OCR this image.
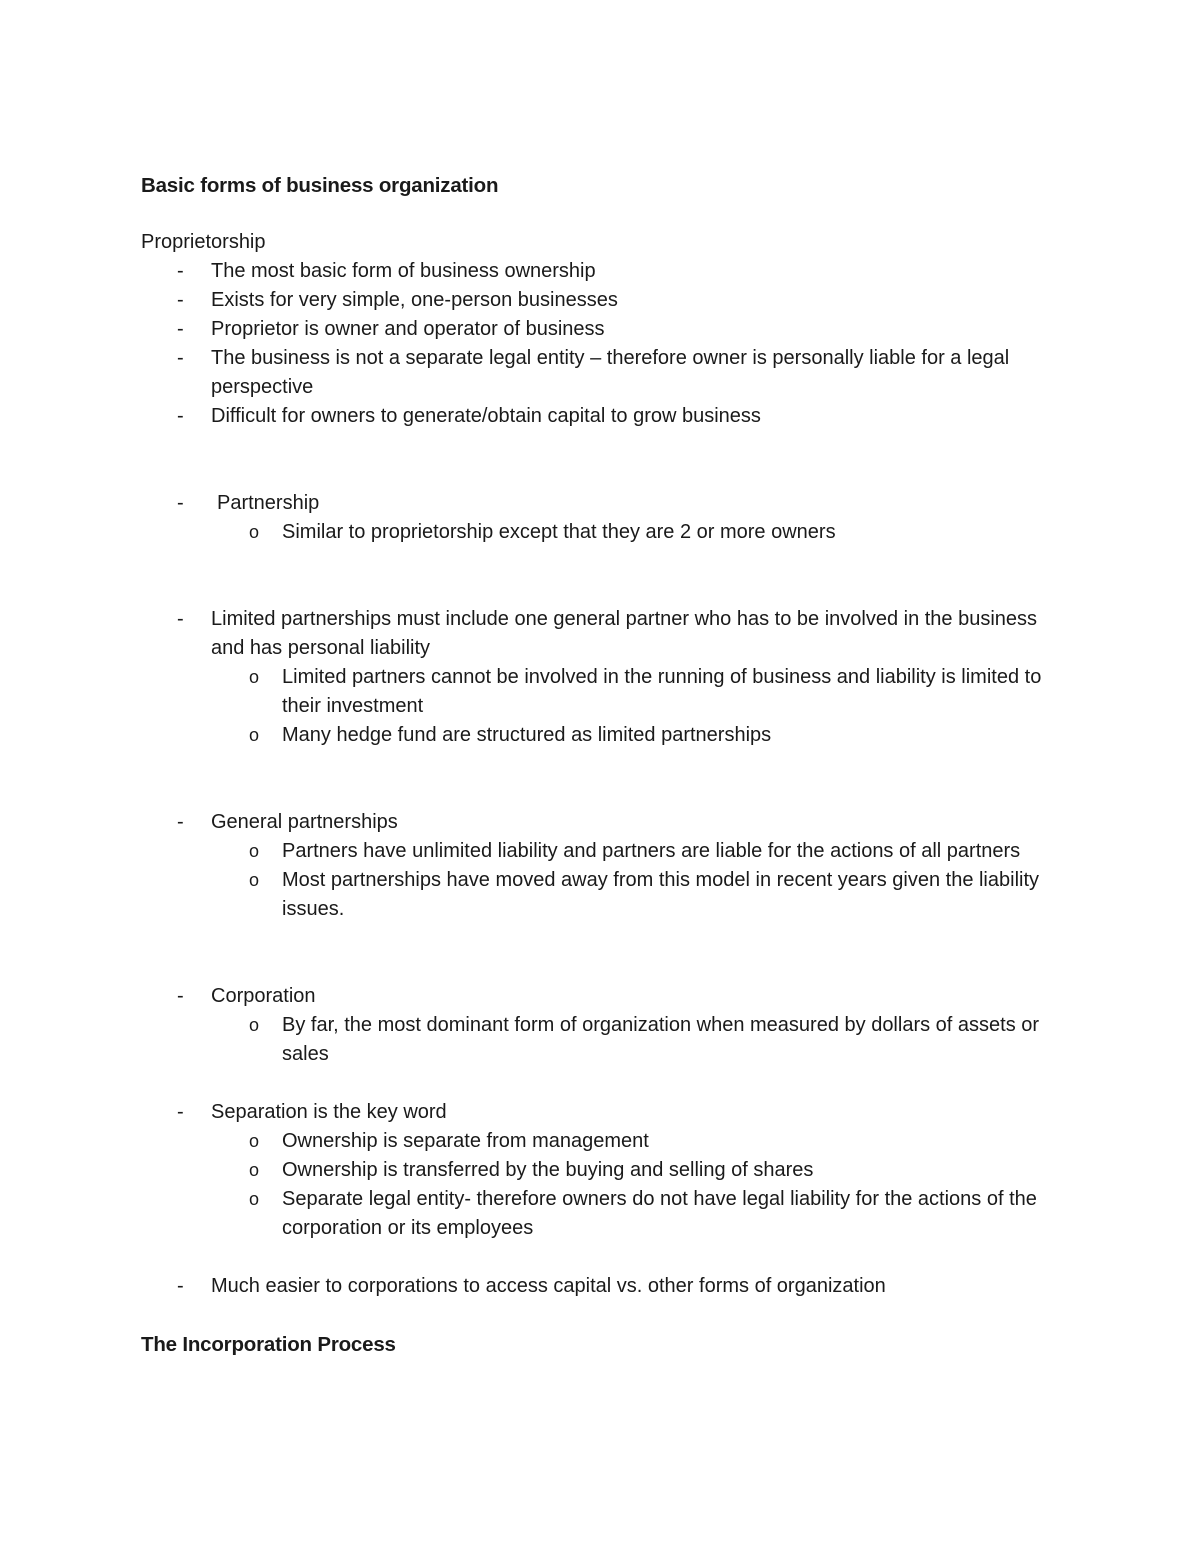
Basic forms of business organization

Proprietorship

- The most basic form of business ownership
- Exists for very simple, one-person businesses
- Proprietor is owner and operator of business
- The business is not a separate legal entity – therefore owner is personally liable for a legal perspective
- Difficult for owners to generate/obtain capital to grow business
- Partnership
o Similar to proprietorship except that they are 2 or more owners
- Limited partnerships must include one general partner who has to be involved in the business and has personal liability
o Limited partners cannot be involved in the running of business and liability is limited to their investment
o Many hedge fund are structured as limited partnerships
- General partnerships
o Partners have unlimited liability and partners are liable for the actions of all partners
o Most partnerships have moved away from this model in recent years given the liability issues.
- Corporation
o By far, the most dominant form of organization when measured by dollars of assets or sales
- Separation is the key word
o Ownership is separate from management
o Ownership is transferred by the buying and selling of shares
o Separate legal entity- therefore owners do not have legal liability for the actions of the corporation or its employees
- Much easier to corporations to access capital vs. other forms of organization

The Incorporation Process
